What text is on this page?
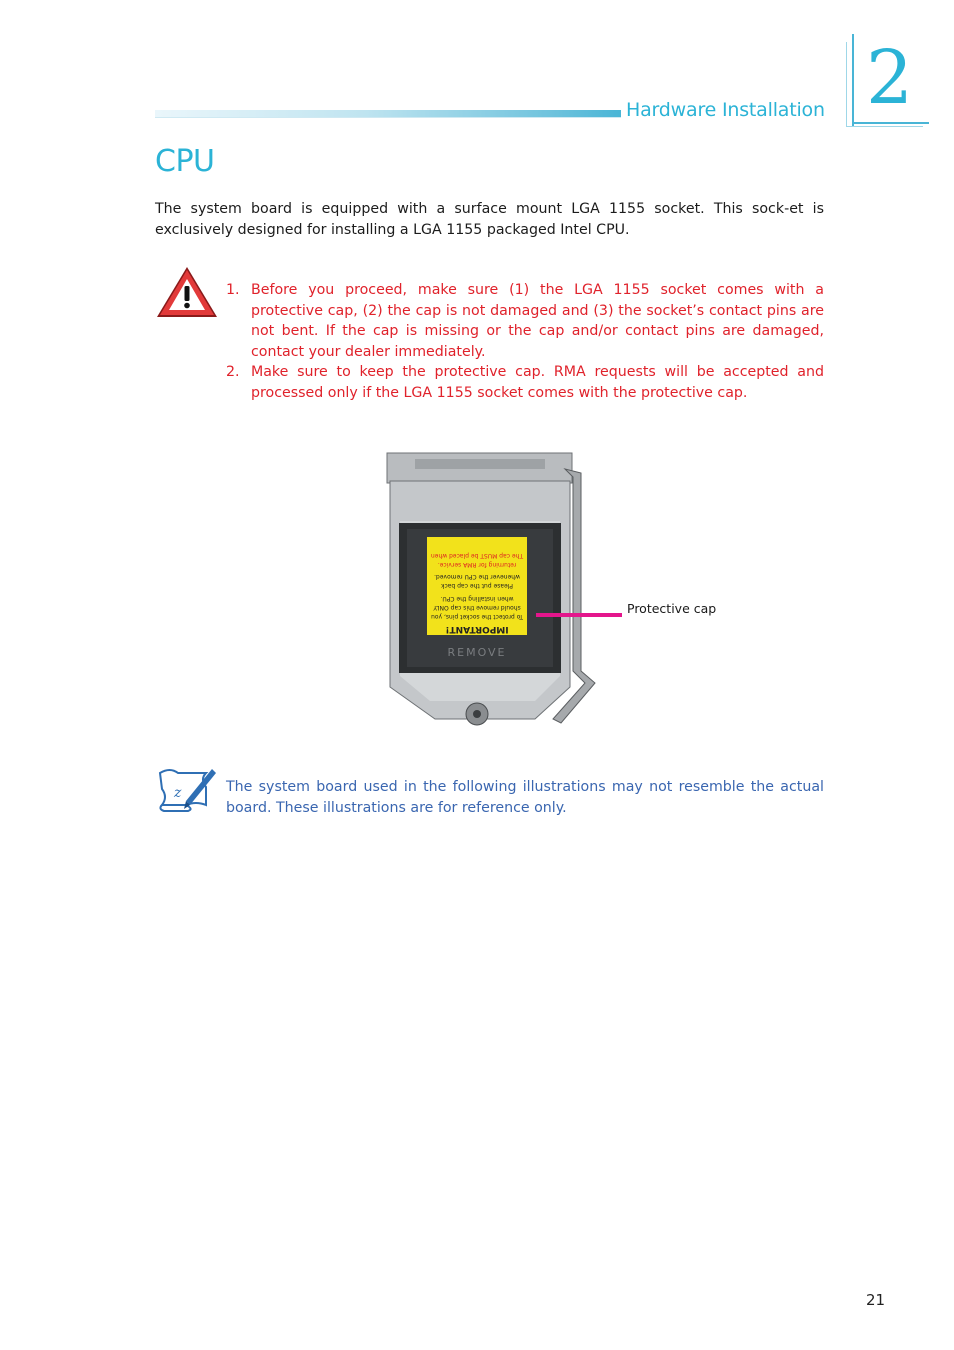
Hardware Installation 2
CPU
The system board is equipped with a surface mount LGA 1155 socket. This sock-et is exclusively designed for installing a LGA 1155 packaged Intel CPU.
1. Before you proceed, make sure (1) the LGA 1155 socket comes with a protective cap, (2) the cap is not damaged and (3) the socket’s contact pins are not bent. If the cap is missing or the cap and/or contact pins are damaged, contact your dealer immediately.
2. Make sure to keep the protective cap. RMA requests will be accepted and processed only if the LGA 1155 socket comes with the protective cap.
The cap MUST be placed when
returning for RMA service.
whenever the CPU removed.
Please put the cap back
when installing the CPU.
should remove this cap ONLY
To protect the socket pins, you
IMPORTANT!
REMOVE
Protective cap
z	The system board used in the following illustrations may not resemble the actual board. These illustrations are for reference only.
21
